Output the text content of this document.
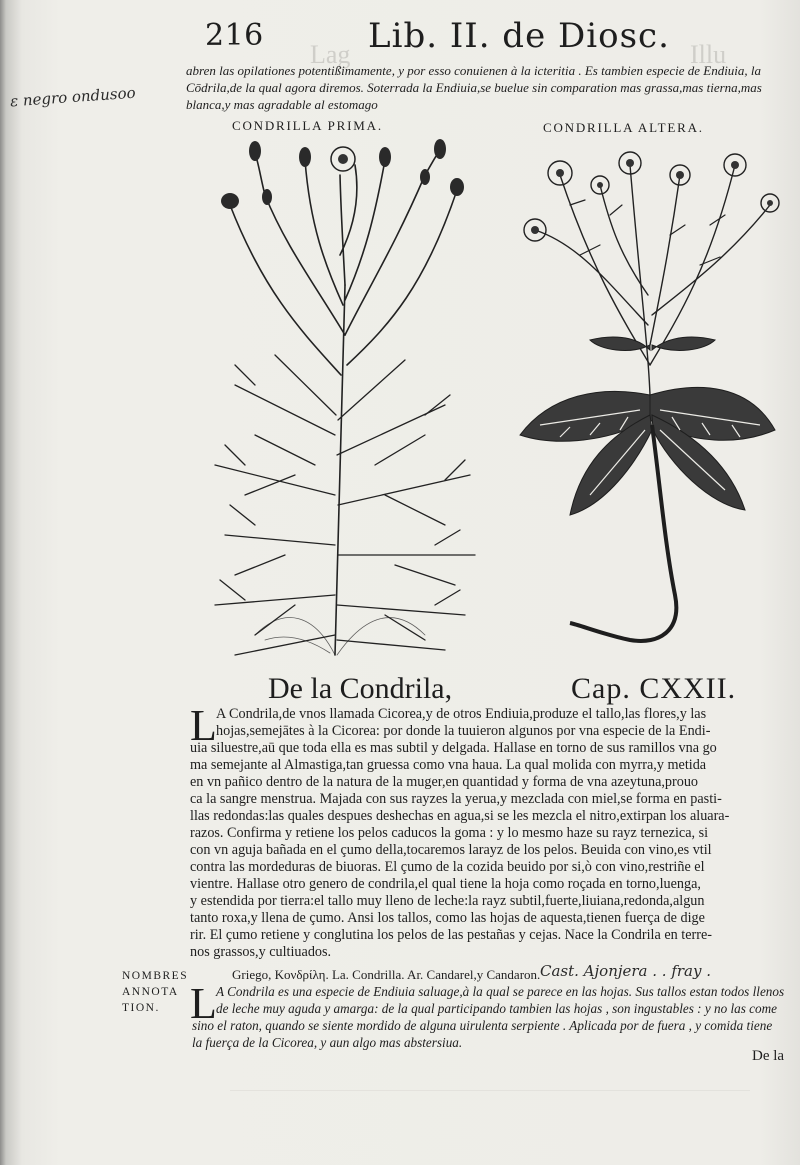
Illu
Lag
216	Lib. II. de Diosc.
ɛ negro ondusoo
abren las opilationes potentißimamente, y por esso conuienen à la icteritia . Es tambien especie de Endiuia, la
Cōdrila,de la qual agora diremos. Soterrada la Endiuia,se buelue sin comparation mas grassa,mas tierna,mas
blanca,y mas agradable al estomago
CONDRILLA PRIMA.	CONDRILLA ALTERA.
De la Condrila,	Cap. CXXII.
L A Condrila,de vnos llamada Cicorea,y de otros Endiuia,produze el tallo,las flores,y las
hojas,semejātes à la Cicorea: por donde la tuuieron algunos por vna especie de la Endi-
uia siluestre,aū que toda ella es mas subtil y delgada. Hallase en torno de sus ramillos vna go
ma semejante al Almastiga,tan gruessa como vna haua. La qual molida con myrra,y metida
en vn pañico dentro de la natura de la muger,en quantidad y forma de vna azeytuna,prouo
ca la sangre menstrua. Majada con sus rayzes la yerua,y mezclada con miel,se forma en pasti-
llas redondas:las quales despues deshechas en agua,si se les mezcla el nitro,extirpan los aluara-
razos. Confirma y retiene los pelos caducos la goma : y lo mesmo haze su rayz ternezica, si
con vn aguja bañada en el çumo della,tocaremos larayz de los pelos. Beuida con vino,es vtil
contra las mordeduras de biuoras. El çumo de la cozida beuido por si,ò con vino,restriñe el
vientre. Hallase otro genero de condrila,el qual tiene la hoja como roçada en torno,luenga,
y estendida por tierra:el tallo muy lleno de leche:la rayz subtil,fuerte,liuiana,redonda,algun
tanto roxa,y llena de çumo. Ansi los tallos, como las hojas de aquesta,tienen fuerça de dige
rir. El çumo retiene y conglutina los pelos de las pestañas y cejas. Nace la Condrila en terre-
nos grassos,y cultiuados.
Griego, Κονδρίλη. La. Condrilla. Ar. Candarel,y Candaron. Cast. Ajonjera . . fray .
NOMBRES
ANNOTA
TION. L A Condrila es una especie de Endiuia saluage,à la qual se parece en las hojas. Sus tallos estan todos llenos
de leche muy aguda y amarga: de la qual participando tambien las hojas , son ingustables : y no las come
sino el raton, quando se siente mordido de alguna uirulenta serpiente . Aplicada por de fuera , y comida tiene
la fuerça de la Cicorea, y aun algo mas abstersiua.
De la
